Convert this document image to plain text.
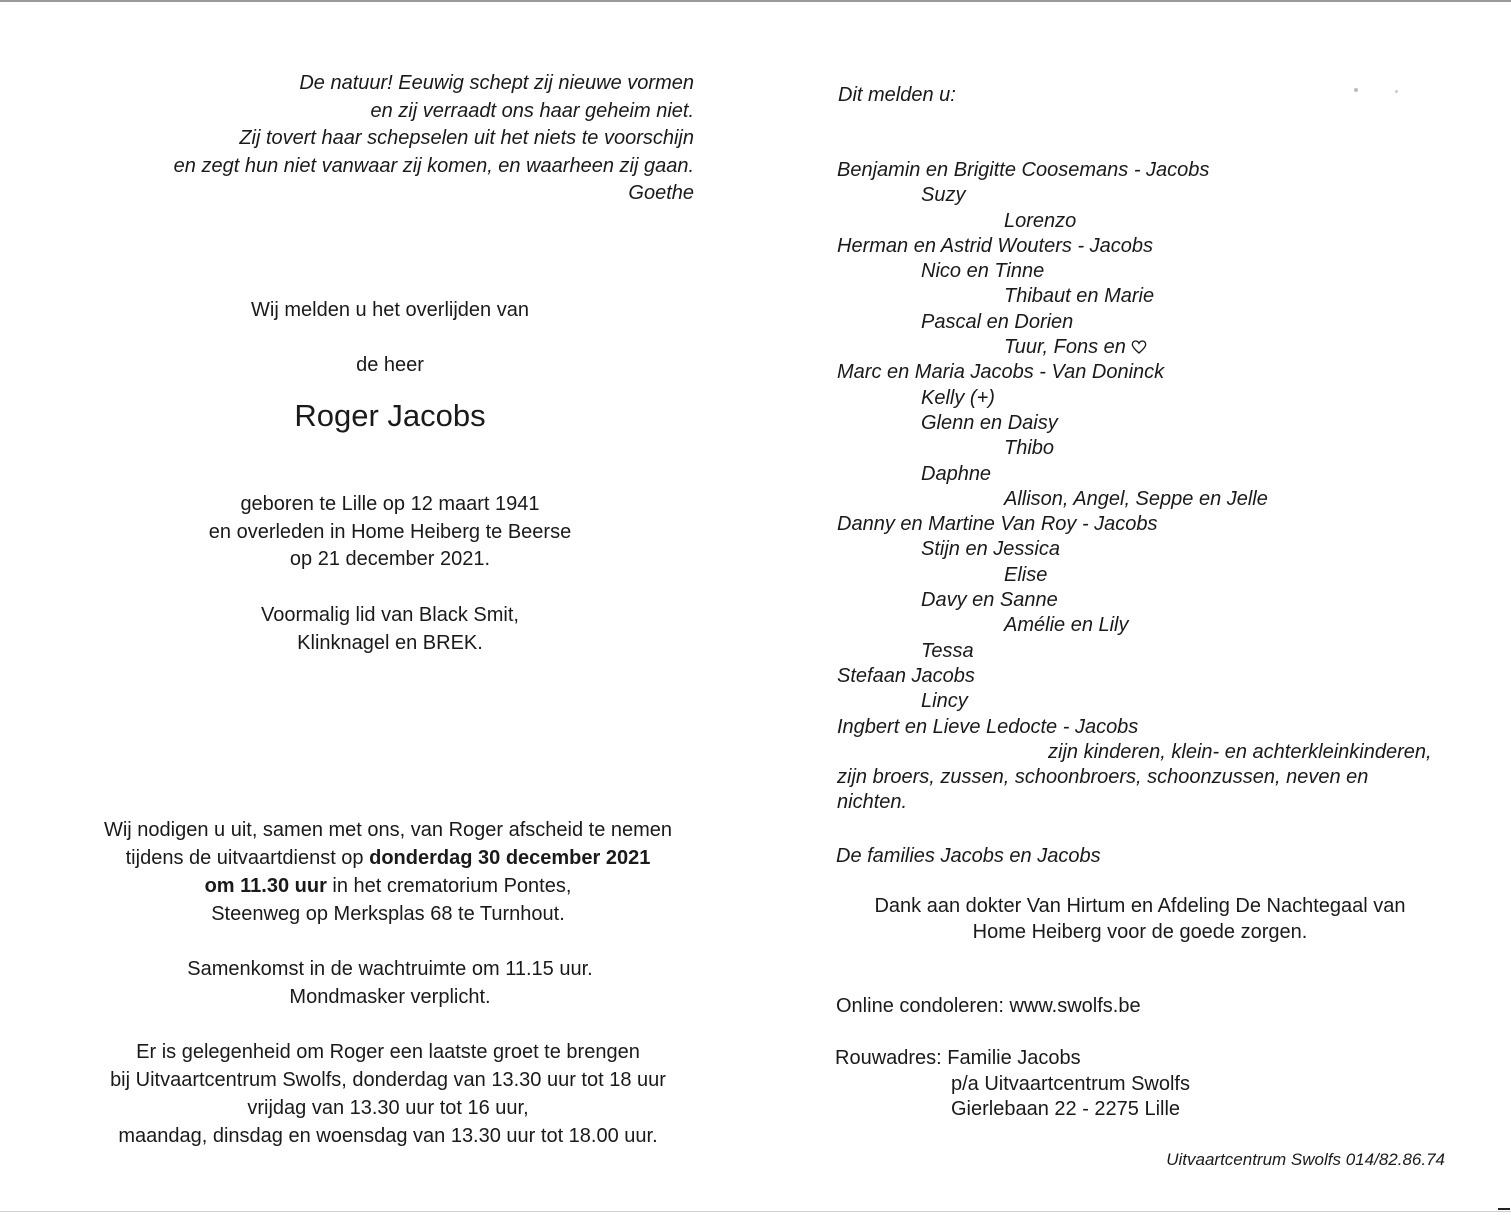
De natuur! Eeuwig schept zij nieuwe vormen
en zij verraadt ons haar geheim niet.
Zij tovert haar schepselen uit het niets te voorschijn
en zegt hun niet vanwaar zij komen, en waarheen zij gaan.
Goethe
Wij melden u het overlijden van
de heer
Roger Jacobs
geboren te Lille op 12 maart 1941
en overleden in Home Heiberg te Beerse
op 21 december 2021.
Voormalig lid van Black Smit,
Klinknagel en BREK.
Wij nodigen u uit, samen met ons, van Roger afscheid te nemen
tijdens de uitvaartdienst op donderdag 30 december 2021
om 11.30 uur in het crematorium Pontes,
Steenweg op Merksplas 68 te Turnhout.
Samenkomst in de wachtruimte om 11.15 uur.
Mondmasker verplicht.
Er is gelegenheid om Roger een laatste groet te brengen
bij Uitvaartcentrum Swolfs, donderdag van 13.30 uur tot 18 uur
vrijdag van 13.30 uur tot 16 uur,
maandag, dinsdag en woensdag van 13.30 uur tot 18.00 uur.
Dit melden u:
Benjamin en Brigitte Coosemans - Jacobs
Suzy
Lorenzo
Herman en Astrid Wouters - Jacobs
Nico en Tinne
Thibaut en Marie
Pascal en Dorien
Tuur, Fons en
Marc en Maria Jacobs - Van Doninck
Kelly (+)
Glenn en Daisy
Thibo
Daphne
Allison, Angel, Seppe en Jelle
Danny en Martine Van Roy - Jacobs
Stijn en Jessica
Elise
Davy en Sanne
Amélie en Lily
Tessa
Stefaan Jacobs
Lincy
Ingbert en Lieve Ledocte - Jacobs
zijn kinderen, klein- en achterkleinkinderen,
zijn broers, zussen, schoonbroers, schoonzussen, neven en
nichten.
De families Jacobs en Jacobs
Dank aan dokter Van Hirtum en Afdeling De Nachtegaal van
Home Heiberg voor de goede zorgen.
Online condoleren: www.swolfs.be
Rouwadres: Familie Jacobs
p/a Uitvaartcentrum Swolfs
Gierlebaan 22 - 2275 Lille
Uitvaartcentrum Swolfs 014/82.86.74
